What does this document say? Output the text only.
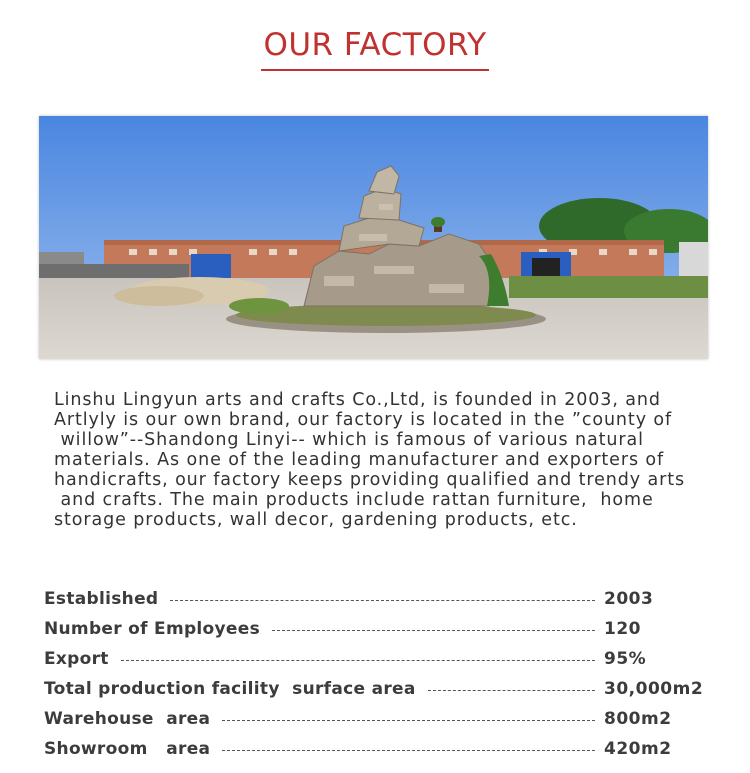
OUR FACTORY
Linshu Lingyun arts and crafts Co.,Ltd, is founded in 2003, and
Artlyly is our own brand, our factory is located in the ”county of
willow”--Shandong Linyi-- which is famous of various natural
materials. As one of the leading manufacturer and exporters of
handicrafts, our factory keeps providing qualified and trendy arts
and crafts. The main products include rattan furniture,  home
storage products, wall decor, gardening products, etc.
Established	2003
Number of Employees	120
Export	95%
Total production facility  surface area	30,000m2
Warehouse  area	800m2
Showroom   area	420m2
